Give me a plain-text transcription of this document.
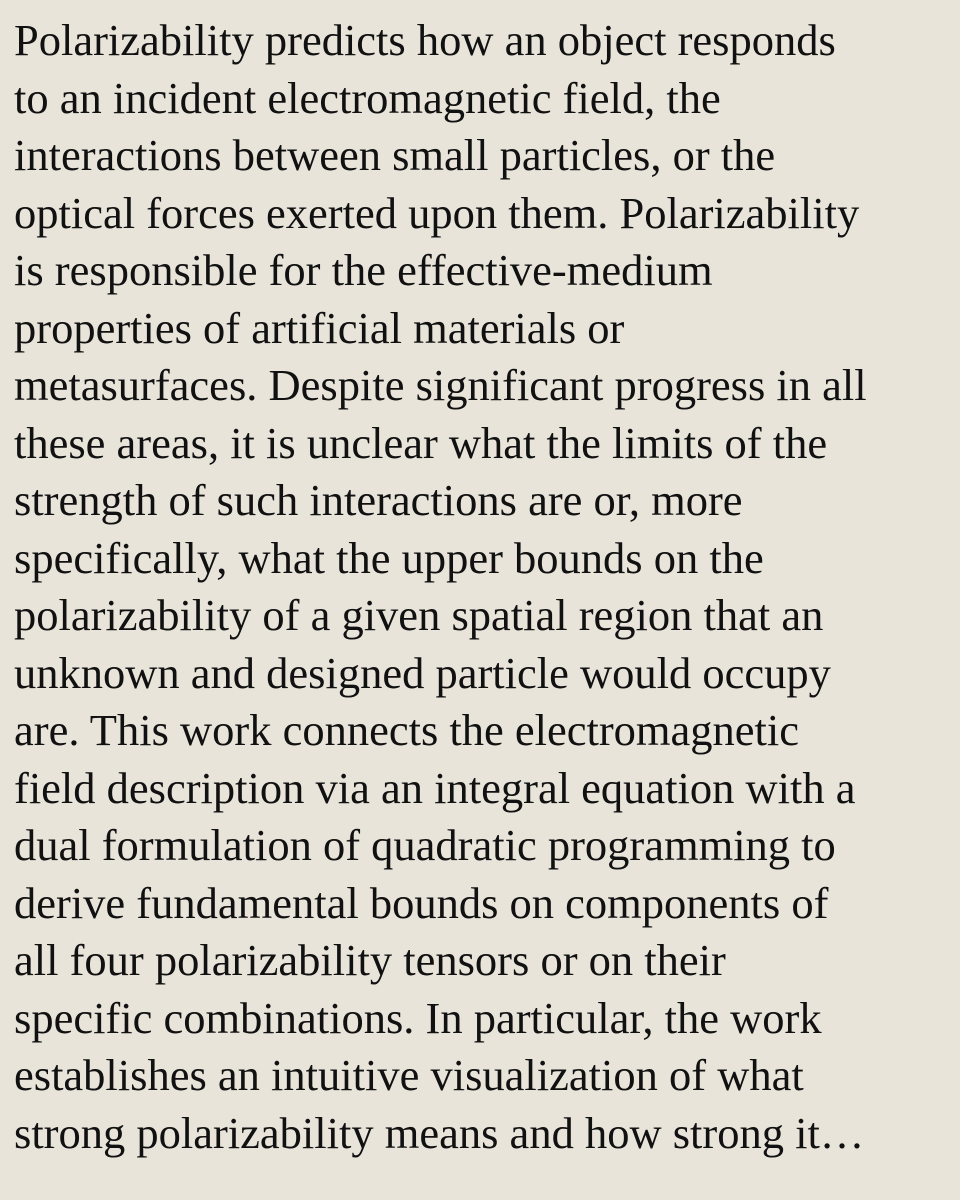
Polarizability predicts how an object responds
to an incident electromagnetic field, the
interactions between small particles, or the
optical forces exerted upon them. Polarizability
is responsible for the effective-medium
properties of artificial materials or
metasurfaces. Despite significant progress in all
these areas, it is unclear what the limits of the
strength of such interactions are or, more
specifically, what the upper bounds on the
polarizability of a given spatial region that an
unknown and designed particle would occupy
are. This work connects the electromagnetic
field description via an integral equation with a
dual formulation of quadratic programming to
derive fundamental bounds on components of
all four polarizability tensors or on their
specific combinations. In particular, the work
establishes an intuitive visualization of what
strong polarizability means and how strong it…
